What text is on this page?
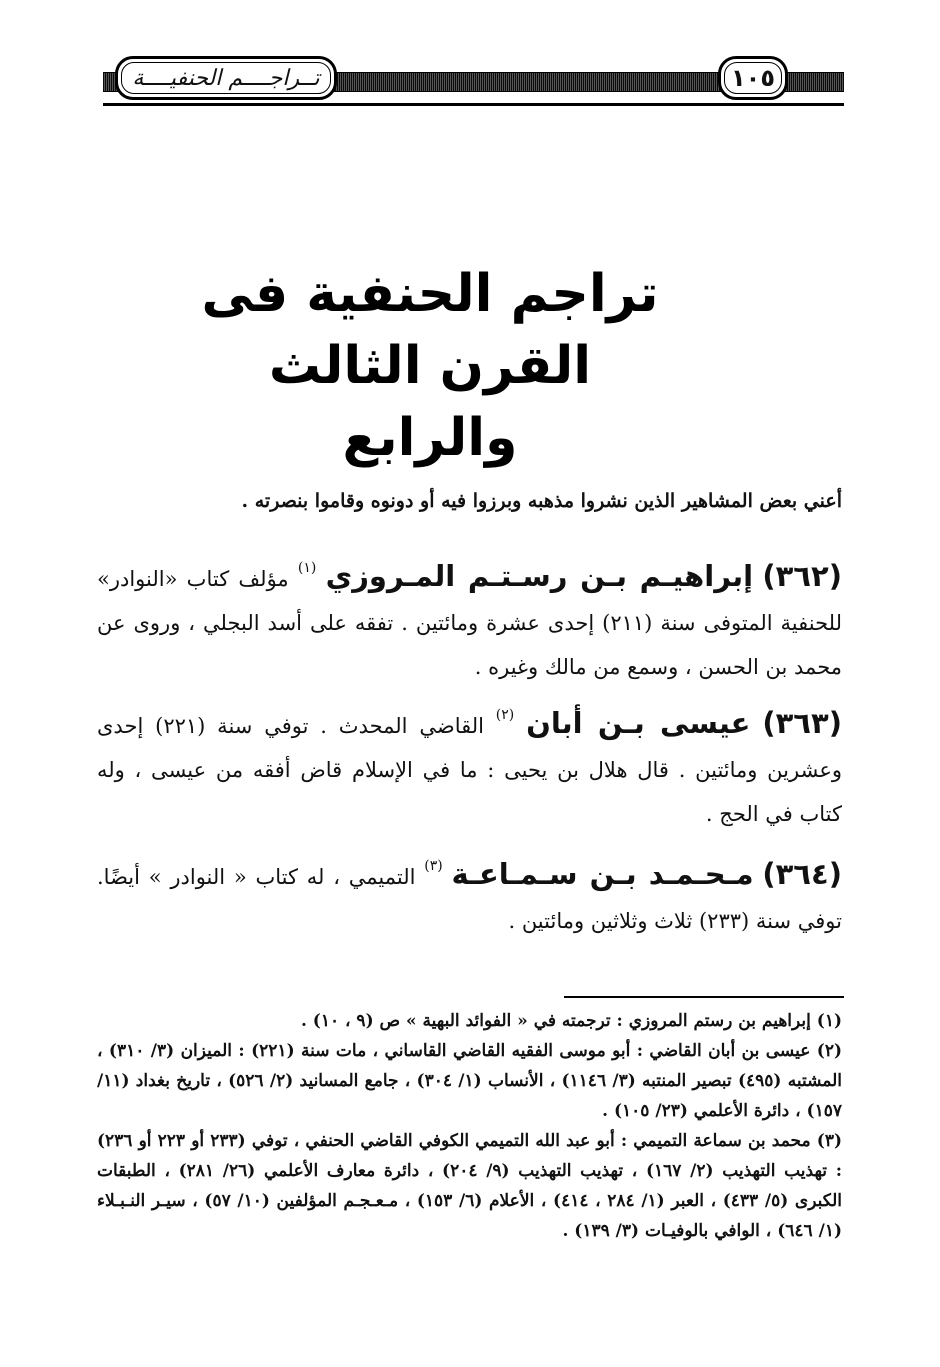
تــراجــــم الحنفيــــة	١٠٥
تراجم الحنفية فى القرن الثالث
والرابع
أعني بعض المشاهير الذين نشروا مذهبه وبرزوا فيه أو دونوه وقاموا بنصرته .
(٣٦٢) إبراهيـم بـن رسـتـم المـروزي $^{(١)}$ مؤلف كتاب «النوادر» للحنفية المتوفى سنة (٢١١) إحدى عشرة ومائتين . تفقه على أسد البجلي ، وروى عن محمد بن الحسن ، وسمع من مالك وغيره .
(٣٦٣) عيسى بـن أبان $^{(٢)}$ القاضي المحدث . توفي سنة (٢٢١) إحدى وعشرين ومائتين . قال هلال بن يحيى : ما في الإسلام قاض أفقه من عيسى ، وله كتاب في الحج .
(٣٦٤) مـحـمـد بـن سـمـاعـة $^{(٣)}$ التميمي ، له كتاب « النوادر » أيضًا. توفي سنة (٢٣٣) ثلاث وثلاثين ومائتين .

(١) إبراهيم بن رستم المروزي : ترجمته في « الفوائد البهية » ص (٩ ، ١٠) .

(٢) عيسى بن أبان القاضي : أبو موسى الفقيه القاضي القاساني ، مات سنة (٢٢١) : الميزان (٣/ ٣١٠) ، المشتبه (٤٩٥) تبصير المنتبه (٣/ ١١٤٦) ، الأنساب (١/ ٣٠٤) ، جامع المسانيد (٢/ ٥٢٦) ، تاريخ بغداد (١١/ ١٥٧) ، دائرة الأعلمي (٢٣/ ١٠٥) .

(٣) محمد بن سماعة التميمي : أبو عبد الله التميمي الكوفي القاضي الحنفي ، توفي (٢٣٣ أو ٢٢٣ أو ٢٣٦) : تهذيب التهذيب (٢/ ١٦٧) ، تهذيب التهذيب (٩/ ٢٠٤) ، دائرة معارف الأعلمي (٢٦/ ٢٨١) ، الطبقات الكبرى (٥/ ٤٣٣) ، العبر (١/ ٢٨٤ ، ٤١٤) ، الأعلام (٦/ ١٥٣) ، مـعـجـم المؤلفين (١٠/ ٥٧) ، سيـر النـبـلاء (١/ ٦٤٦) ، الوافي بالوفيـات (٣/ ١٣٩) .
